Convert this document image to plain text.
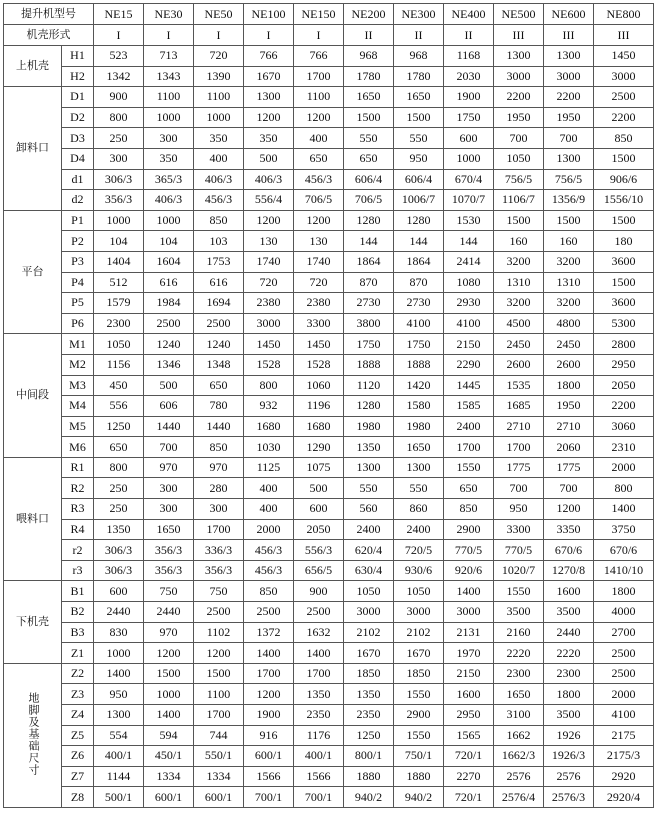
提升机型号		NE15	NE30	NE50	NE100	NE150	NE200	NE300	NE400	NE500	NE600	NE800
机壳形式		I	I	I	I	I	II	II	II	III	III	III
上机壳	H1	523	713	720	766	766	968	968	1168	1300	1300	1450
	H2	1342	1343	1390	1670	1700	1780	1780	2030	3000	3000	3000
卸料口	D1	900	1100	1100	1300	1100	1650	1650	1900	2200	2200	2500
	D2	800	1000	1000	1200	1200	1500	1500	1750	1950	1950	2200
	D3	250	300	350	350	400	550	550	600	700	700	850
	D4	300	350	400	500	650	650	950	1000	1050	1300	1500
	d1	306/3	365/3	406/3	406/3	456/3	606/4	606/4	670/4	756/5	756/5	906/6
	d2	356/3	406/3	456/3	556/4	706/5	706/5	1006/7	1070/7	1106/7	1356/9	1556/10
平台	P1	1000	1000	850	1200	1200	1280	1280	1530	1500	1500	1500
	P2	104	104	103	130	130	144	144	144	160	160	180
	P3	1404	1604	1753	1740	1740	1864	1864	2414	3200	3200	3600
	P4	512	616	616	720	720	870	870	1080	1310	1310	1500
	P5	1579	1984	1694	2380	2380	2730	2730	2930	3200	3200	3600
	P6	2300	2500	2500	3000	3300	3800	4100	4100	4500	4800	5300
中间段	M1	1050	1240	1240	1450	1450	1750	1750	2150	2450	2450	2800
	M2	1156	1346	1348	1528	1528	1888	1888	2290	2600	2600	2950
	M3	450	500	650	800	1060	1120	1420	1445	1535	1800	2050
	M4	556	606	780	932	1196	1280	1580	1585	1685	1950	2200
	M5	1250	1440	1440	1680	1680	1980	1980	2400	2710	2710	3060
	M6	650	700	850	1030	1290	1350	1650	1700	1700	2060	2310
喂料口	R1	800	970	970	1125	1075	1300	1300	1550	1775	1775	2000
	R2	250	300	280	400	500	550	550	650	700	700	800
	R3	250	300	300	400	600	560	860	850	950	1200	1400
	R4	1350	1650	1700	2000	2050	2400	2400	2900	3300	3350	3750
	r2	306/3	356/3	336/3	456/3	556/3	620/4	720/5	770/5	770/5	670/6	670/6
	r3	306/3	356/3	356/3	456/3	656/5	630/4	930/6	920/6	1020/7	1270/8	1410/10
下机壳	B1	600	750	750	850	900	1050	1050	1400	1550	1600	1800
	B2	2440	2440	2500	2500	2500	3000	3000	3000	3500	3500	4000
	B3	830	970	1102	1372	1632	2102	2102	2131	2160	2440	2700
	Z1	1000	1200	1200	1400	1400	1670	1670	1970	2220	2220	2500
地脚及基础尺寸	Z2	1400	1500	1500	1700	1700	1850	1850	2150	2300	2300	2500
	Z3	950	1000	1100	1200	1350	1350	1550	1600	1650	1800	2000
	Z4	1300	1400	1700	1900	2350	2350	2900	2950	3100	3500	4100
	Z5	554	594	744	916	1176	1250	1550	1565	1662	1926	2175
	Z6	400/1	450/1	550/1	600/1	400/1	800/1	750/1	720/1	1662/3	1926/3	2175/3
	Z7	1144	1334	1334	1566	1566	1880	1880	2270	2576	2576	2920
	Z8	500/1	600/1	600/1	700/1	700/1	940/2	940/2	720/1	2576/4	2576/3	2920/4
